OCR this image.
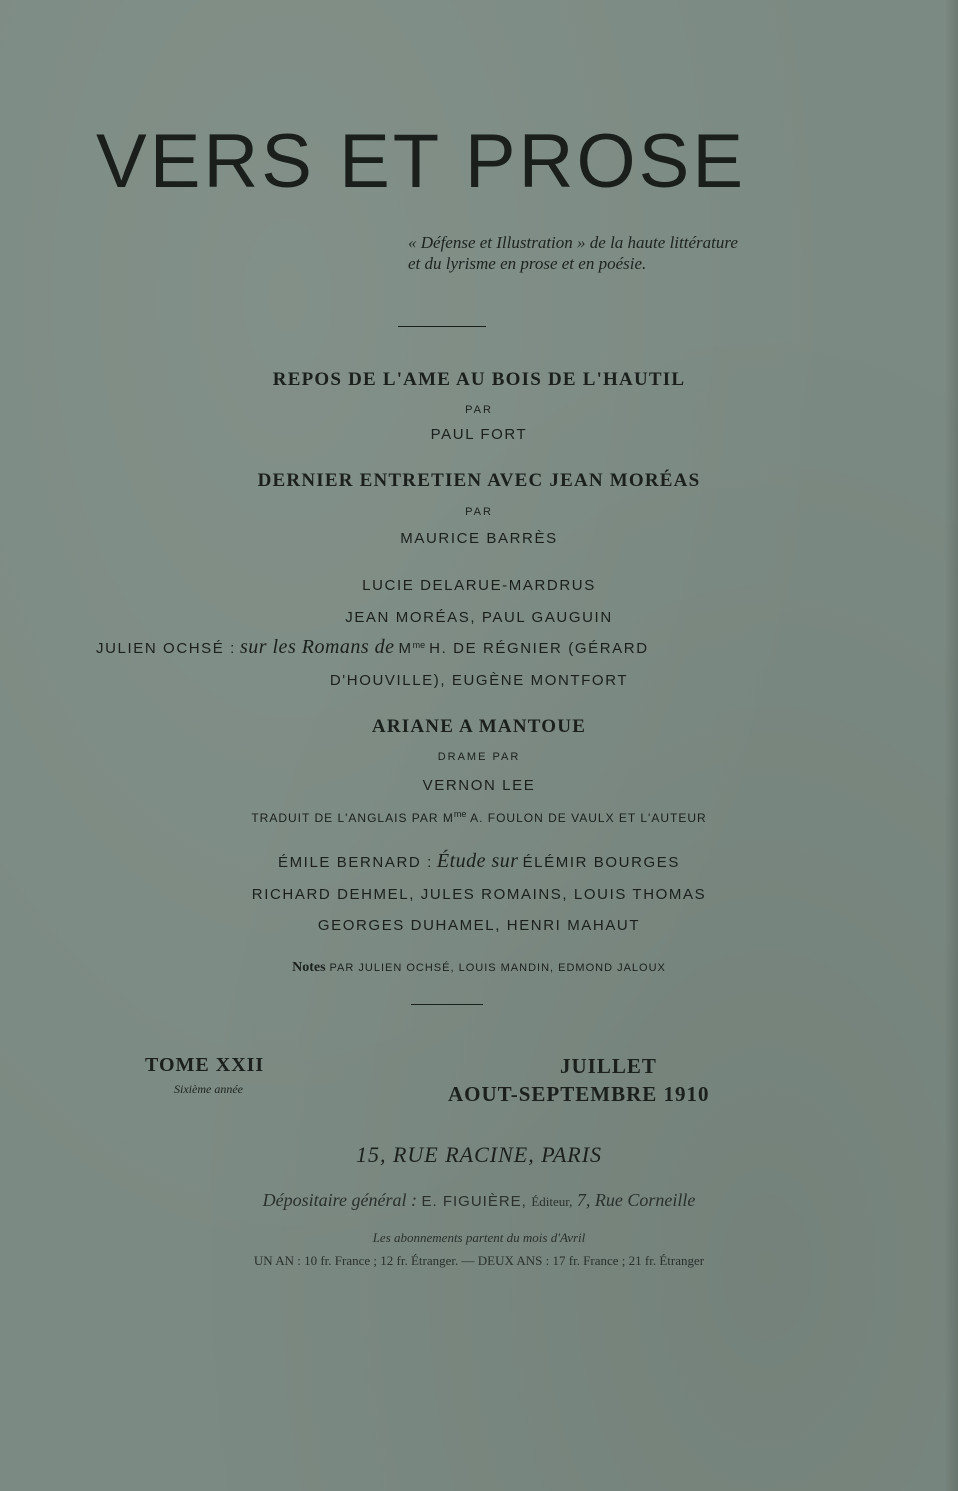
VERS ET PROSE

« Défense et Illustration » de la haute littérature et du lyrisme en prose et en poésie.

REPOS DE L'AME AU BOIS DE L'HAUTIL
PAR
PAUL FORT
DERNIER ENTRETIEN AVEC JEAN MORÉAS
PAR
MAURICE BARRÈS
LUCIE DELARUE-MARDRUS
JEAN MORÉAS, PAUL GAUGUIN
JULIEN OCHSÉ : sur les Romans de $M^{me}$ H. DE RÉGNIER (GÉRARD
D'HOUVILLE), EUGÈNE MONTFORT
ARIANE A MANTOUE
DRAME PAR
VERNON LEE
TRADUIT DE L'ANGLAIS PAR $M^{me}$ A. FOULON DE VAULX ET L'AUTEUR
ÉMILE BERNARD : Étude sur ÉLÉMIR BOURGES
RICHARD DEHMEL, JULES ROMAINS, LOUIS THOMAS
GEORGES DUHAMEL, HENRI MAHAUT
Notes PAR JULIEN OCHSÉ, LOUIS MANDIN, EDMOND JALOUX
TOME XXII
Sixième année
JUILLET
AOUT-SEPTEMBRE 1910
15, RUE RACINE, PARIS
Dépositaire général : E. FIGUIÈRE, Éditeur, 7, Rue Corneille
Les abonnements partent du mois d'Avril
UN AN : 10 fr. France ; 12 fr. Étranger. — DEUX ANS : 17 fr. France ; 21 fr. Étranger
